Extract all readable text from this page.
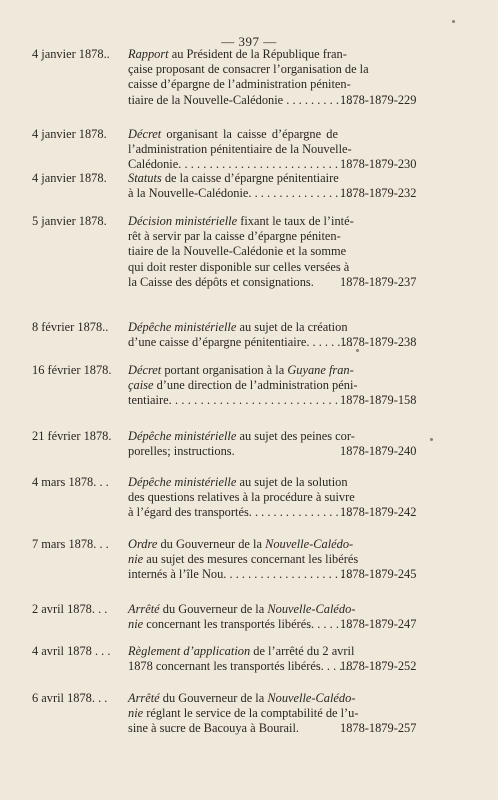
— 397 —
4 janvier 1878.. Rapport au Président de la République fran-
çaise proposant de consacrer l’organisation de la
caisse d’épargne de l’administration péniten-
tiaire de la Nouvelle-Calédonie . . . . . . . . . . . .
1878-1879-229
4 janvier 1878. Décret organisant la caisse d’épargne de
l’administration pénitentiaire de la Nouvelle-
Calédonie. . . . . . . . . . . . . . . . . . . . . . . . . . 1878-1879-230
4 janvier 1878. Statuts de la caisse d’épargne pénitentiaire
à la Nouvelle-Calédonie. . . . . . . . . . . . . . . . . .
1878-1879-232
5 janvier 1878. Décision ministérielle fixant le taux de l’inté-
rêt à servir par la caisse d’épargne péniten-
tiaire de la Nouvelle-Calédonie et la somme
qui doit rester disponible sur celles versées à
la Caisse des dépôts et consignations.	1878-1879-237
8 février 1878.. Dépêche ministérielle au sujet de la création
d’une caisse d’épargne pénitentiaire. . . . . . . .
1878-1879-238
16 février 1878. Décret portant organisation à la Guyane fran-
çaise d’une direction de l’administration péni-
tentiaire. . . . . . . . . . . . . . . . . . . . . . . . . . . 1878-1879-158
21 février 1878. Dépêche ministérielle au sujet des peines cor-
porelles; instructions.	1878-1879-240
4 mars 1878. . . Dépêche ministérielle au sujet de la solution
des questions relatives à la procédure à suivre
à l’égard des transportés. . . . . . . . . . . . . . . . .
1878-1879-242
7 mars 1878. . . Ordre du Gouverneur de la Nouvelle-Calédo-
nie au sujet des mesures concernant les libérés
internés à l’île Nou. . . . . . . . . . . . . . . . . . . . .
1878-1879-245
2 avril 1878. . . Arrêté du Gouverneur de la Nouvelle-Calédo-
nie concernant les transportés libérés. . . . . . .
1878-1879-247
4 avril 1878 . . . Règlement d’application de l’arrêté du 2 avril
1878 concernant les transportés libérés. . . . . .
1878-1879-252
6 avril 1878. . . Arrêté du Gouverneur de la Nouvelle-Calédo-
nie réglant le service de la comptabilité de l’u-
sine à sucre de Bacouya à Bourail.	1878-1879-257
